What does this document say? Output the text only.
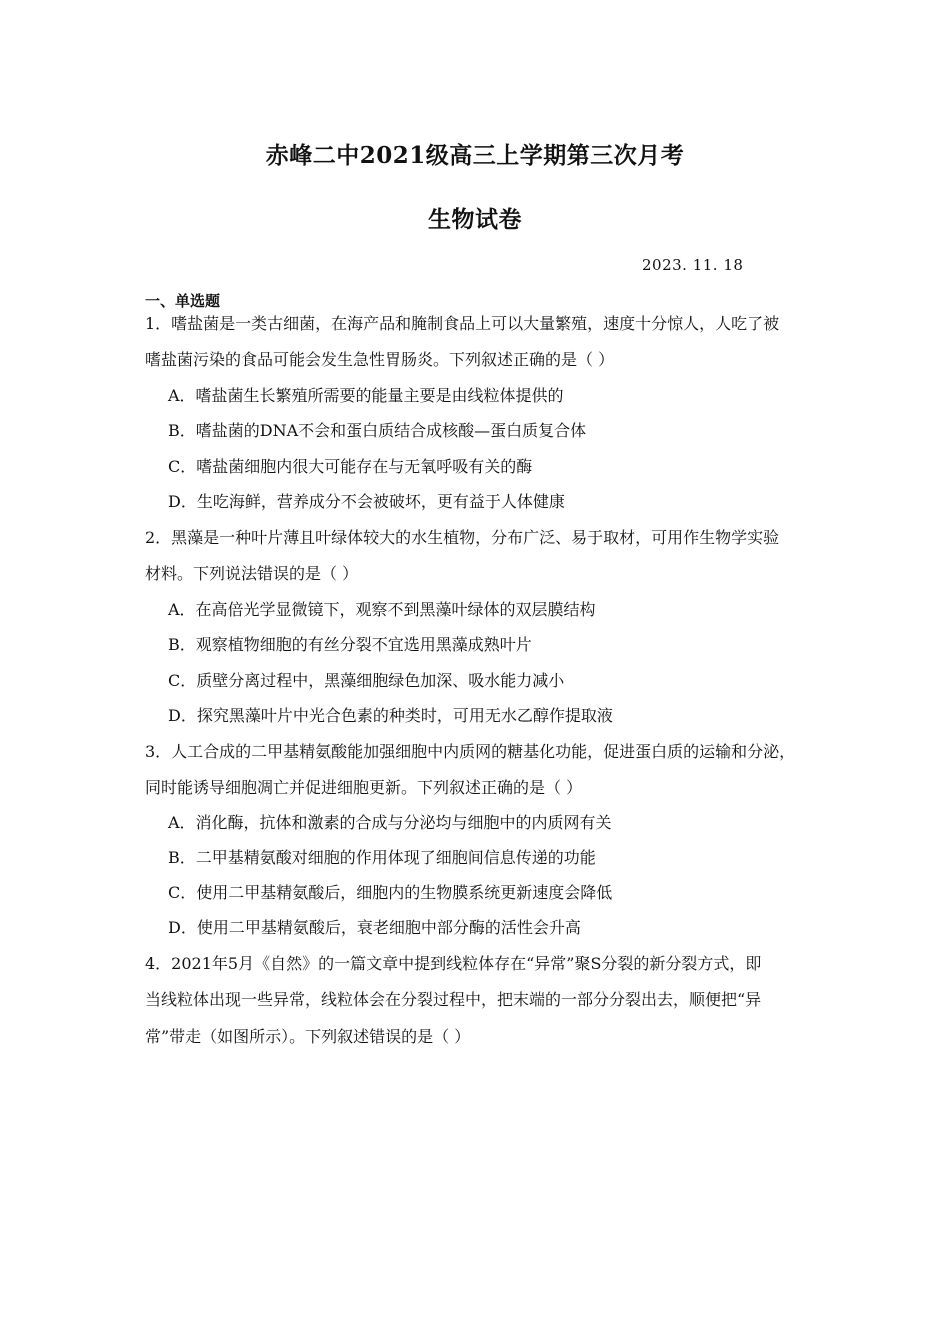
赤峰二中2021级高三上学期第三次月考
生物试卷
2023. 11. 18
一、单选题
1．嗜盐菌是一类古细菌，在海产品和腌制食品上可以大量繁殖，速度十分惊人，人吃了被
嗜盐菌污染的食品可能会发生急性胃肠炎。下列叙述正确的是（ ）
A．嗜盐菌生长繁殖所需要的能量主要是由线粒体提供的
B．嗜盐菌的DNA不会和蛋白质结合成核酸—蛋白质复合体
C．嗜盐菌细胞内很大可能存在与无氧呼吸有关的酶
D．生吃海鲜，营养成分不会被破坏，更有益于人体健康
2．黑藻是一种叶片薄且叶绿体较大的水生植物，分布广泛、易于取材，可用作生物学实验
材料。下列说法错误的是（ ）
A．在高倍光学显微镜下，观察不到黑藻叶绿体的双层膜结构
B．观察植物细胞的有丝分裂不宜选用黑藻成熟叶片
C．质壁分离过程中，黑藻细胞绿色加深、吸水能力减小
D．探究黑藻叶片中光合色素的种类时，可用无水乙醇作提取液
3．人工合成的二甲基精氨酸能加强细胞中内质网的糖基化功能，促进蛋白质的运输和分泌，
同时能诱导细胞凋亡并促进细胞更新。下列叙述正确的是（ ）
A．消化酶，抗体和激素的合成与分泌均与细胞中的内质网有关
B．二甲基精氨酸对细胞的作用体现了细胞间信息传递的功能
C．使用二甲基精氨酸后，细胞内的生物膜系统更新速度会降低
D．使用二甲基精氨酸后，衰老细胞中部分酶的活性会升高
4．2021年5月《自然》的一篇文章中提到线粒体存在“异常”聚S分裂的新分裂方式，即
当线粒体出现一些异常，线粒体会在分裂过程中，把末端的一部分分裂出去，顺便把“异
常”带走（如图所示）。下列叙述错误的是（ ）
